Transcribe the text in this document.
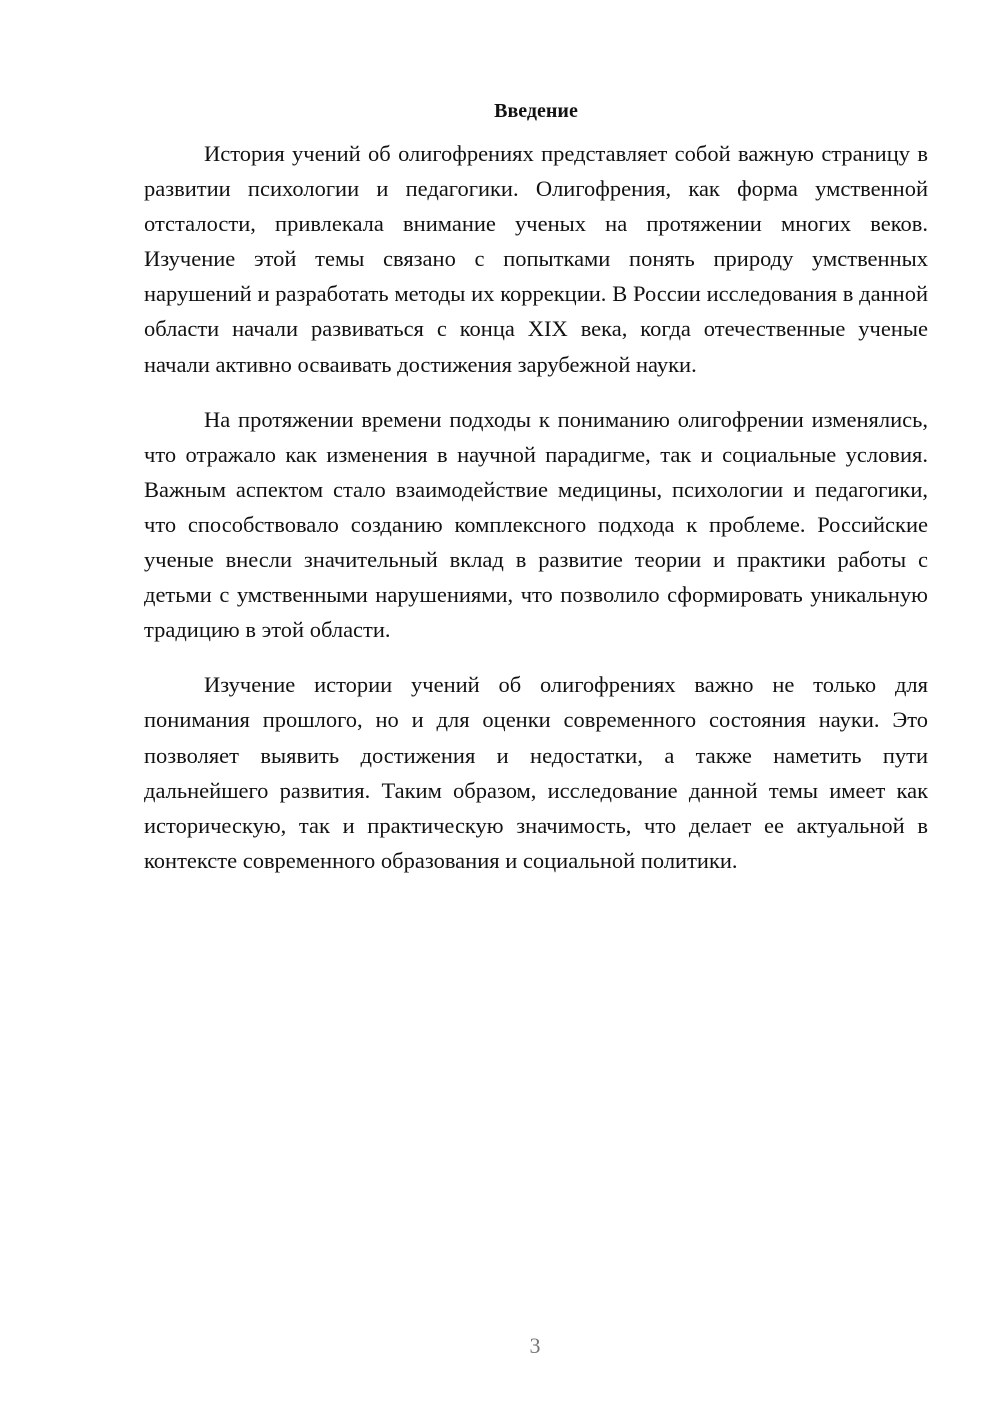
Введение

История учений об олигофрениях представляет собой важную страницу в развитии психологии и педагогики. Олигофрения, как форма умственной отсталости, привлекала внимание ученых на протяжении многих веков. Изучение этой темы связано с попытками понять природу умственных нарушений и разработать методы их коррекции. В России исследования в данной области начали развиваться с конца XIX века, когда отечественные ученые начали активно осваивать достижения зарубежной науки.

На протяжении времени подходы к пониманию олигофрении изменялись, что отражало как изменения в научной парадигме, так и социальные условия. Важным аспектом стало взаимодействие медицины, психологии и педагогики, что способствовало созданию комплексного подхода к проблеме. Российские ученые внесли значительный вклад в развитие теории и практики работы с детьми с умственными нарушениями, что позволило сформировать уникальную традицию в этой области.

Изучение истории учений об олигофрениях важно не только для понимания прошлого, но и для оценки современного состояния науки. Это позволяет выявить достижения и недостатки, а также наметить пути дальнейшего развития. Таким образом, исследование данной темы имеет как историческую, так и практическую значимость, что делает ее актуальной в контексте современного образования и социальной политики.

3
